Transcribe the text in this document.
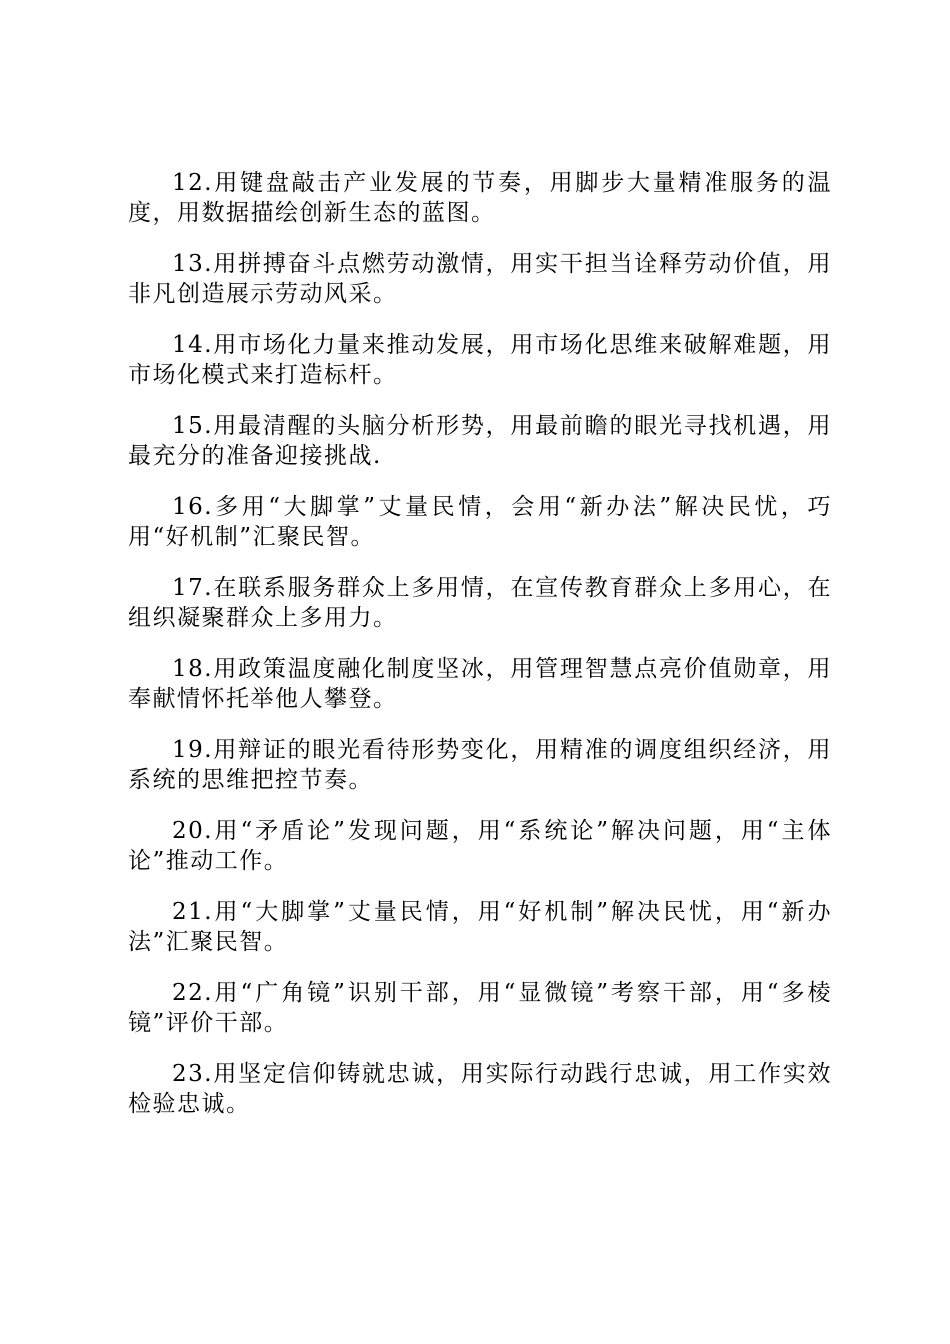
12.用键盘敲击产业发展的节奏，用脚步大量精准服务的温度，用数据描绘创新生态的蓝图。

13.用拼搏奋斗点燃劳动激情，用实干担当诠释劳动价值，用非凡创造展示劳动风采。

14.用市场化力量来推动发展，用市场化思维来破解难题，用市场化模式来打造标杆。

15.用最清醒的头脑分析形势，用最前瞻的眼光寻找机遇，用最充分的准备迎接挑战.

16.多用“大脚掌”丈量民情，会用“新办法”解决民忧，巧用“好机制”汇聚民智。

17.在联系服务群众上多用情，在宣传教育群众上多用心，在组织凝聚群众上多用力。

18.用政策温度融化制度坚冰，用管理智慧点亮价值勋章，用奉献情怀托举他人攀登。

19.用辩证的眼光看待形势变化，用精准的调度组织经济，用系统的思维把控节奏。

20.用“矛盾论”发现问题，用“系统论”解决问题，用“主体论”推动工作。

21.用“大脚掌”丈量民情，用“好机制”解决民忧，用“新办法”汇聚民智。

22.用“广角镜”识别干部，用“显微镜”考察干部，用“多棱镜”评价干部。

23.用坚定信仰铸就忠诚，用实际行动践行忠诚，用工作实效检验忠诚。
